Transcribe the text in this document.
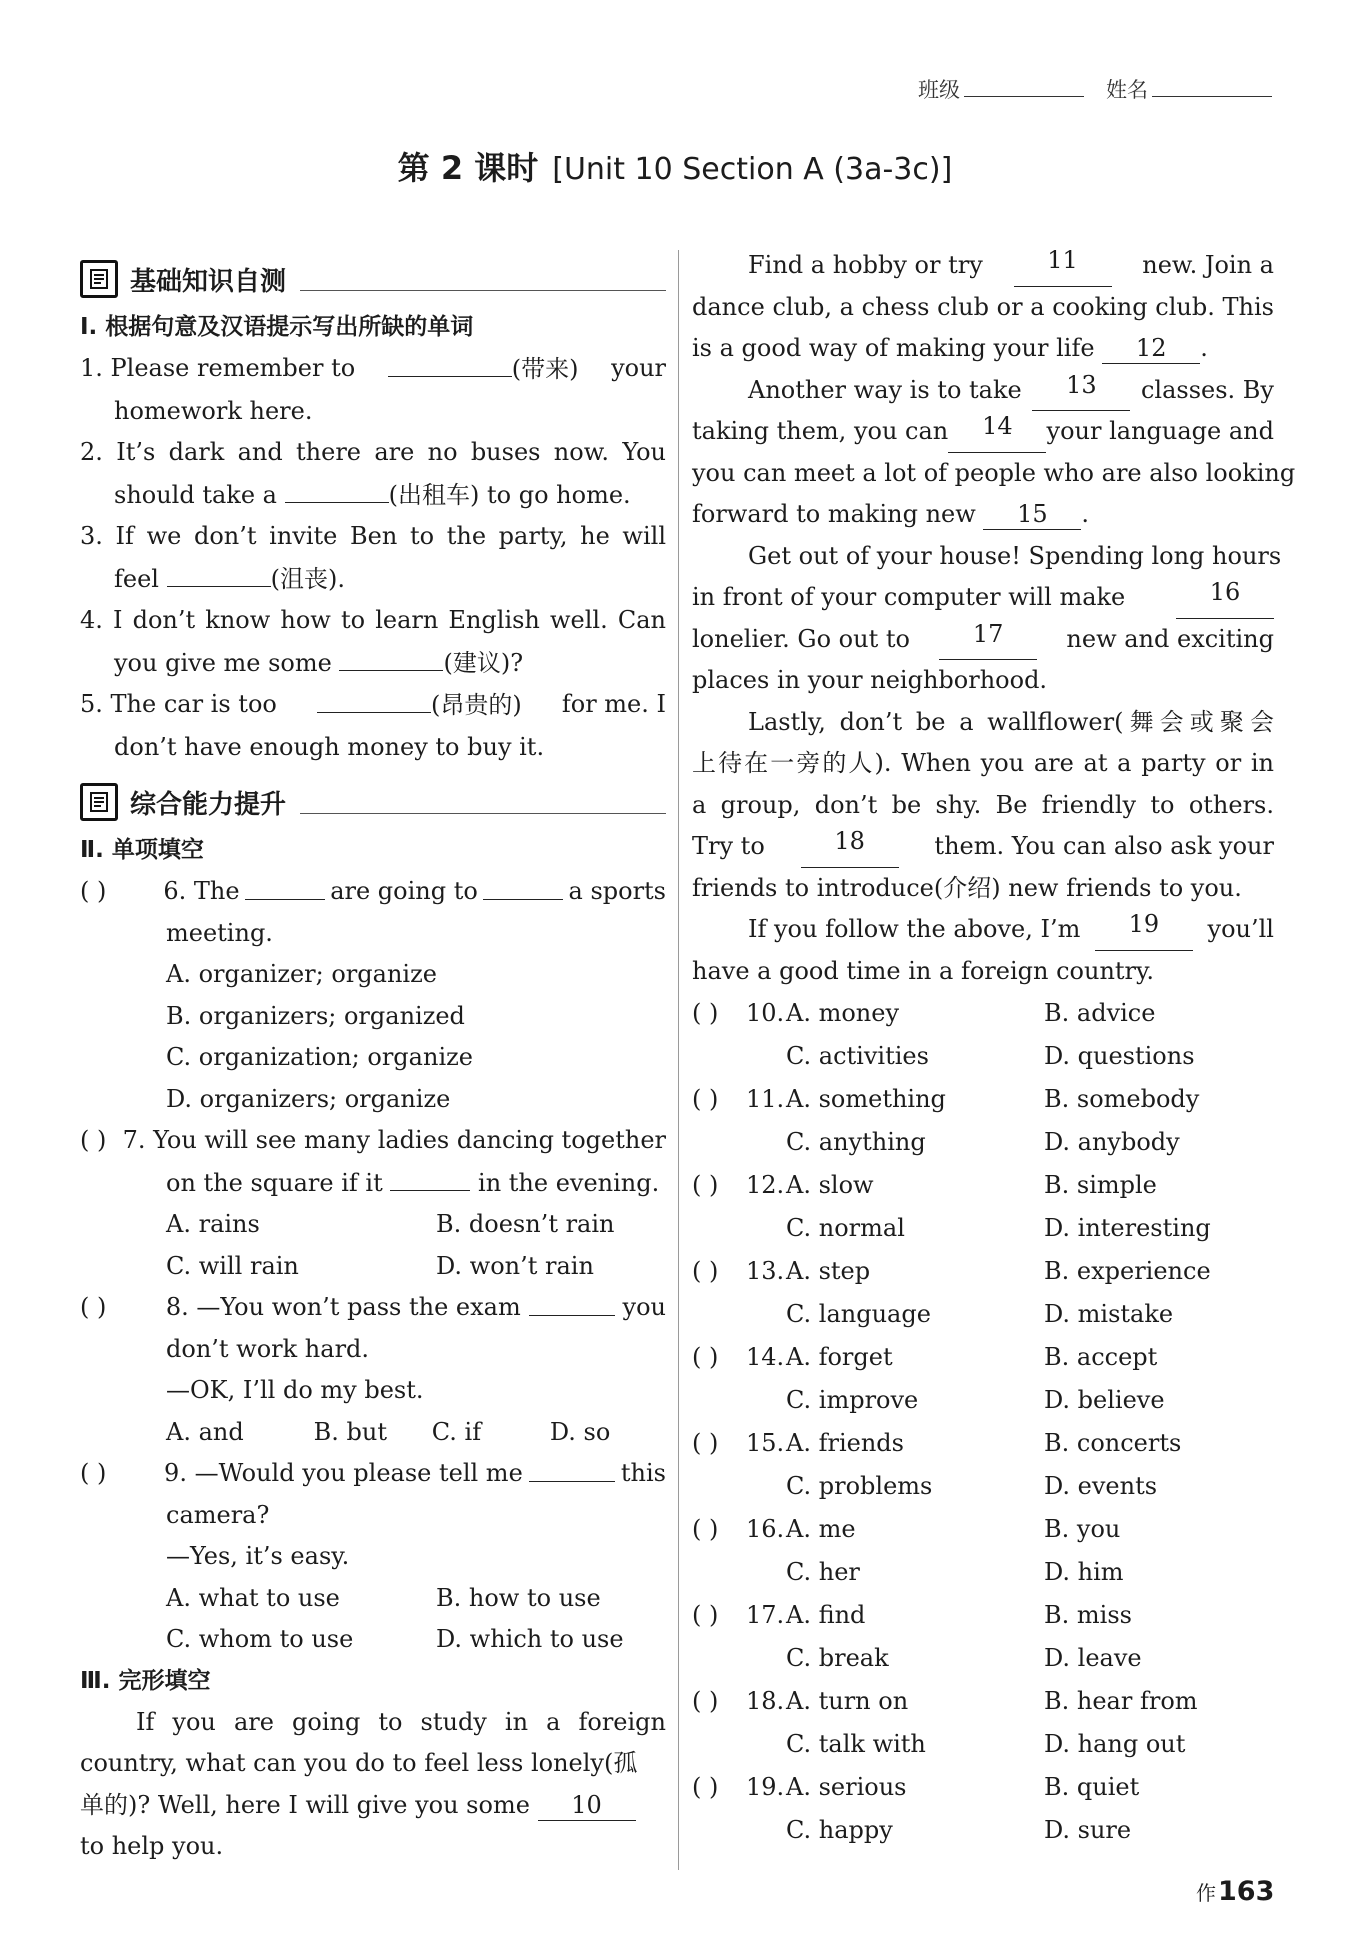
班级	姓名
第 2 课时 [Unit 10 Section A (3a-3c)]
基础知识自测
Ⅰ. 根据句意及汉语提示写出所缺的单词
1. Please remember to	(带来) your
homework here.
2. It’s dark and there are no buses now. You
should take a	(出租车) to go home.
3. If we don’t invite Ben to the party, he will
feel	(沮丧).
4. I don’t know how to learn English well. Can
you give me some	(建议)?
5. The car is too	(昂贵的) for me. I
don’t have enough money to buy it.
综合能力提升
Ⅱ. 单项填空
( )	6. The	are going to	a sports
meeting.
A. organizer; organize
B. organizers; organized
C. organization; organize
D. organizers; organize
( ) 7. You will see many ladies dancing together
on the square if it	in the evening.
A. rains	B. doesn’t rain
C. will rain	D. won’t rain
( )	8. —You won’t pass the exam	you
don’t work hard.
—OK, I’ll do my best.
A. and	B. but	C. if	D. so
( )	9. —Would you please tell me	this
camera?
—Yes, it’s easy.
A. what to use	B. how to use
C. whom to use	D. which to use
Ⅲ. 完形填空
If you are going to study in a foreign
country, what can you do to feel less lonely(孤
单的)? Well, here I will give you some 10
to help you.
Find a hobby or try	11	new. Join a
dance club, a chess club or a cooking club. This
is a good way of making your life 12 .
Another way is to take	13	classes. By
taking them, you can	14	your language and
you can meet a lot of people who are also looking
forward to making new 15 .
Get out of your house! Spending long hours
in front of your computer will make	16
lonelier. Go out to	17	new and exciting
places in your neighborhood.
Lastly, don’t be a wallflower(舞会或聚会
上待在一旁的人). When you are at a party or in
a group, don’t be shy. Be friendly to others.
Try to	18	them. You can also ask your
friends to introduce(介绍) new friends to you.
If you follow the above, I’m	19	you’ll
have a good time in a foreign country.
( )	10. A. money	B. advice
C. activities	D. questions
( )	11. A. something	B. somebody
C. anything	D. anybody
( )	12. A. slow	B. simple
C. normal	D. interesting
( )	13. A. step	B. experience
C. language	D. mistake
( )	14. A. forget	B. accept
C. improve	D. believe
( )	15. A. friends	B. concerts
C. problems	D. events
( )	16. A. me	B. you
C. her	D. him
( )	17. A. find	B. miss
C. break	D. leave
( )	18. A. turn on	B. hear from
C. talk with	D. hang out
( )	19. A. serious	B. quiet
C. happy	D. sure
作163
